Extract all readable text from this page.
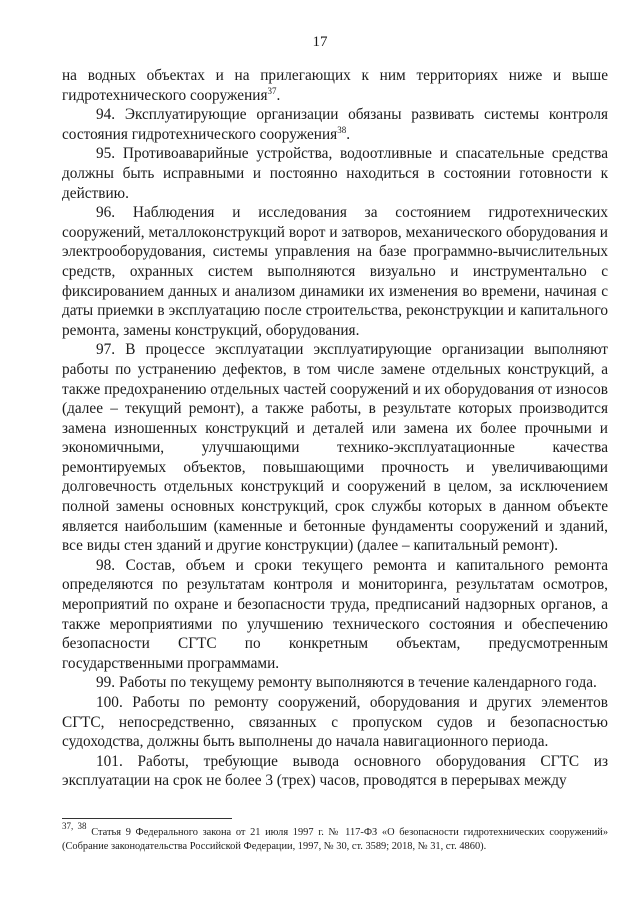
17

на водных объектах и на прилегающих к ним территориях ниже и выше гидротехнического сооружения$^{37}$.

94. Эксплуатирующие организации обязаны развивать системы контроля состояния гидротехнического сооружения$^{38}$.

95. Противоаварийные устройства, водоотливные и спасательные средства должны быть исправными и постоянно находиться в состоянии готовности к действию.

96. Наблюдения и исследования за состоянием гидротехнических сооружений, металлоконструкций ворот и затворов, механического оборудования и электрооборудования, системы управления на базе программно-вычислительных средств, охранных систем выполняются визуально и инструментально с фиксированием данных и анализом динамики их изменения во времени, начиная с даты приемки в эксплуатацию после строительства, реконструкции и капитального ремонта, замены конструкций, оборудования.

97. В процессе эксплуатации эксплуатирующие организации выполняют работы по устранению дефектов, в том числе замене отдельных конструкций, а также предохранению отдельных частей сооружений и их оборудования от износов (далее – текущий ремонт), а также работы, в результате которых производится замена изношенных конструкций и деталей или замена их более прочными и экономичными, улучшающими технико-эксплуатационные качества ремонтируемых объектов, повышающими прочность и увеличивающими долговечность отдельных конструкций и сооружений в целом, за исключением полной замены основных конструкций, срок службы которых в данном объекте является наибольшим (каменные и бетонные фундаменты сооружений и зданий, все виды стен зданий и другие конструкции) (далее – капитальный ремонт).

98. Состав, объем и сроки текущего ремонта и капитального ремонта определяются по результатам контроля и мониторинга, результатам осмотров, мероприятий по охране и безопасности труда, предписаний надзорных органов, а также мероприятиями по улучшению технического состояния и обеспечению безопасности СГТС по конкретным объектам, предусмотренным государственными программами.

99. Работы по текущему ремонту выполняются в течение календарного года.

100. Работы по ремонту сооружений, оборудования и других элементов СГТС, непосредственно, связанных с пропуском судов и безопасностью судоходства, должны быть выполнены до начала навигационного периода.

101. Работы, требующие вывода основного оборудования СГТС из эксплуатации на срок не более 3 (трех) часов, проводятся в перерывах между

$^{37, 38}$ Статья 9 Федерального закона от 21 июля 1997 г. № 117-ФЗ «О безопасности гидротехнических сооружений» (Собрание законодательства Российской Федерации, 1997, № 30, ст. 3589; 2018, № 31, ст. 4860).
